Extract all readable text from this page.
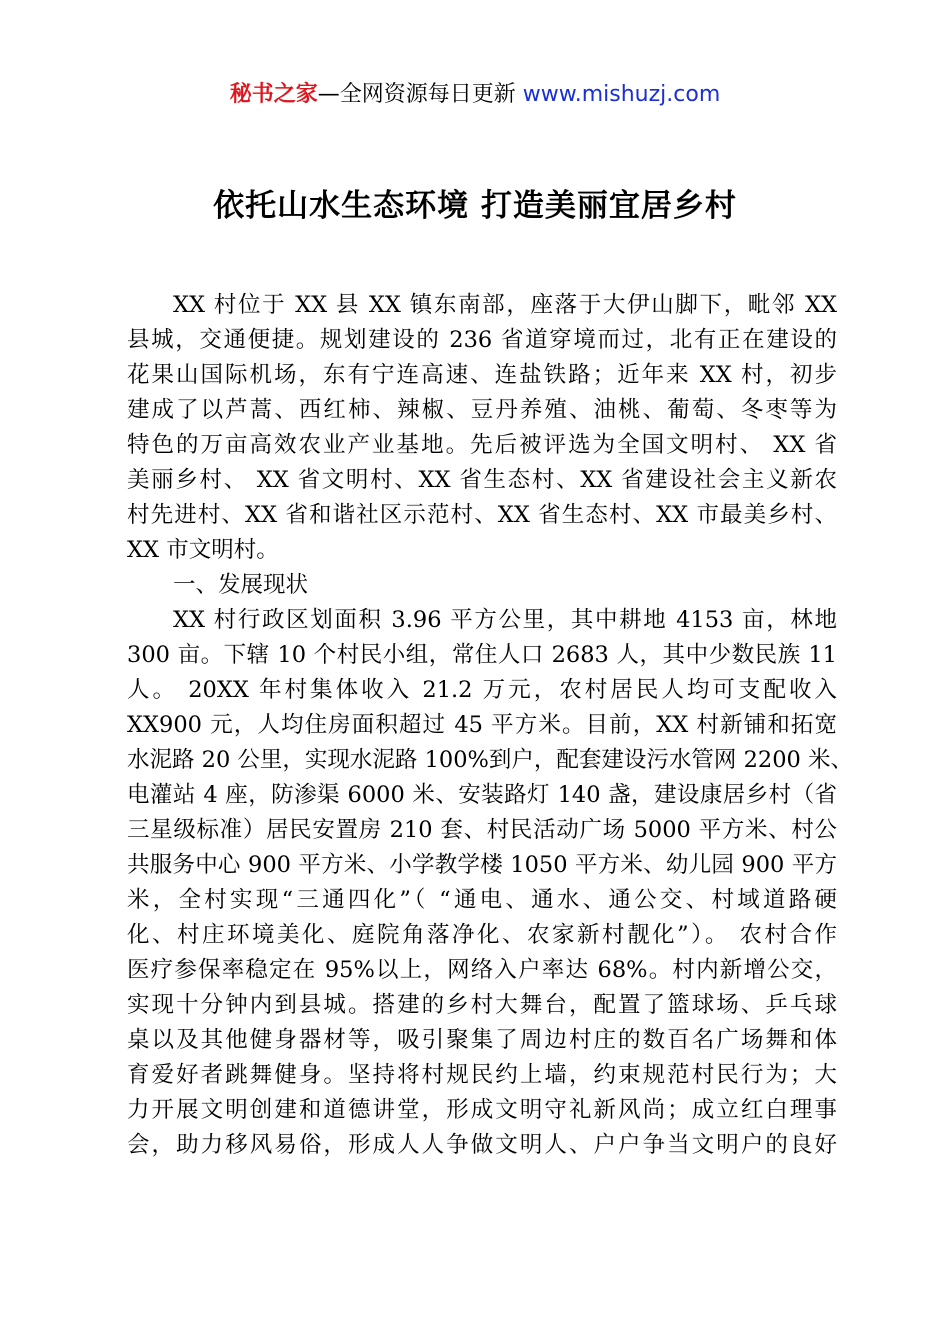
秘书之家—全网资源每日更新 www.mishuzj.com
依托山水生态环境 打造美丽宜居乡村
XX 村位于 XX 县 XX 镇东南部，座落于大伊山脚下，毗邻 XX
县城，交通便捷。规划建设的 236 省道穿境而过，北有正在建设的
花果山国际机场，东有宁连高速、连盐铁路；近年来 XX 村，初步
建成了以芦蒿、西红柿、辣椒、豆丹养殖、油桃、葡萄、冬枣等为
特色的万亩高效农业产业基地。先后被评选为全国文明村、 XX 省
美丽乡村、 XX 省文明村、XX 省生态村、XX 省建设社会主义新农
村先进村、XX 省和谐社区示范村、XX 省生态村、XX 市最美乡村、
XX 市文明村。
一、发展现状
XX 村行政区划面积 3.96 平方公里，其中耕地 4153 亩，林地
300 亩。下辖 10 个村民小组，常住人口 2683 人，其中少数民族 11
人。 20XX 年村集体收入 21.2 万元，农村居民人均可支配收入
XX900 元，人均住房面积超过 45 平方米。目前，XX 村新铺和拓宽
水泥路 20 公里，实现水泥路 100%到户，配套建设污水管网 2200 米、
电灌站 4 座，防渗渠 6000 米、安装路灯 140 盏，建设康居乡村（省
三星级标准）居民安置房 210 套、村民活动广场 5000 平方米、村公
共服务中心 900 平方米、小学教学楼 1050 平方米、幼儿园 900 平方
米，全村实现“三通四化”（ “通电、通水、通公交、村域道路硬
化、村庄环境美化、庭院角落净化、农家新村靓化”）。 农村合作
医疗参保率稳定在 95%以上，网络入户率达 68%。村内新增公交，
实现十分钟内到县城。搭建的乡村大舞台，配置了篮球场、乒乓球
桌以及其他健身器材等，吸引聚集了周边村庄的数百名广场舞和体
育爱好者跳舞健身。坚持将村规民约上墙，约束规范村民行为；大
力开展文明创建和道德讲堂，形成文明守礼新风尚；成立红白理事
会，助力移风易俗，形成人人争做文明人、户户争当文明户的良好
